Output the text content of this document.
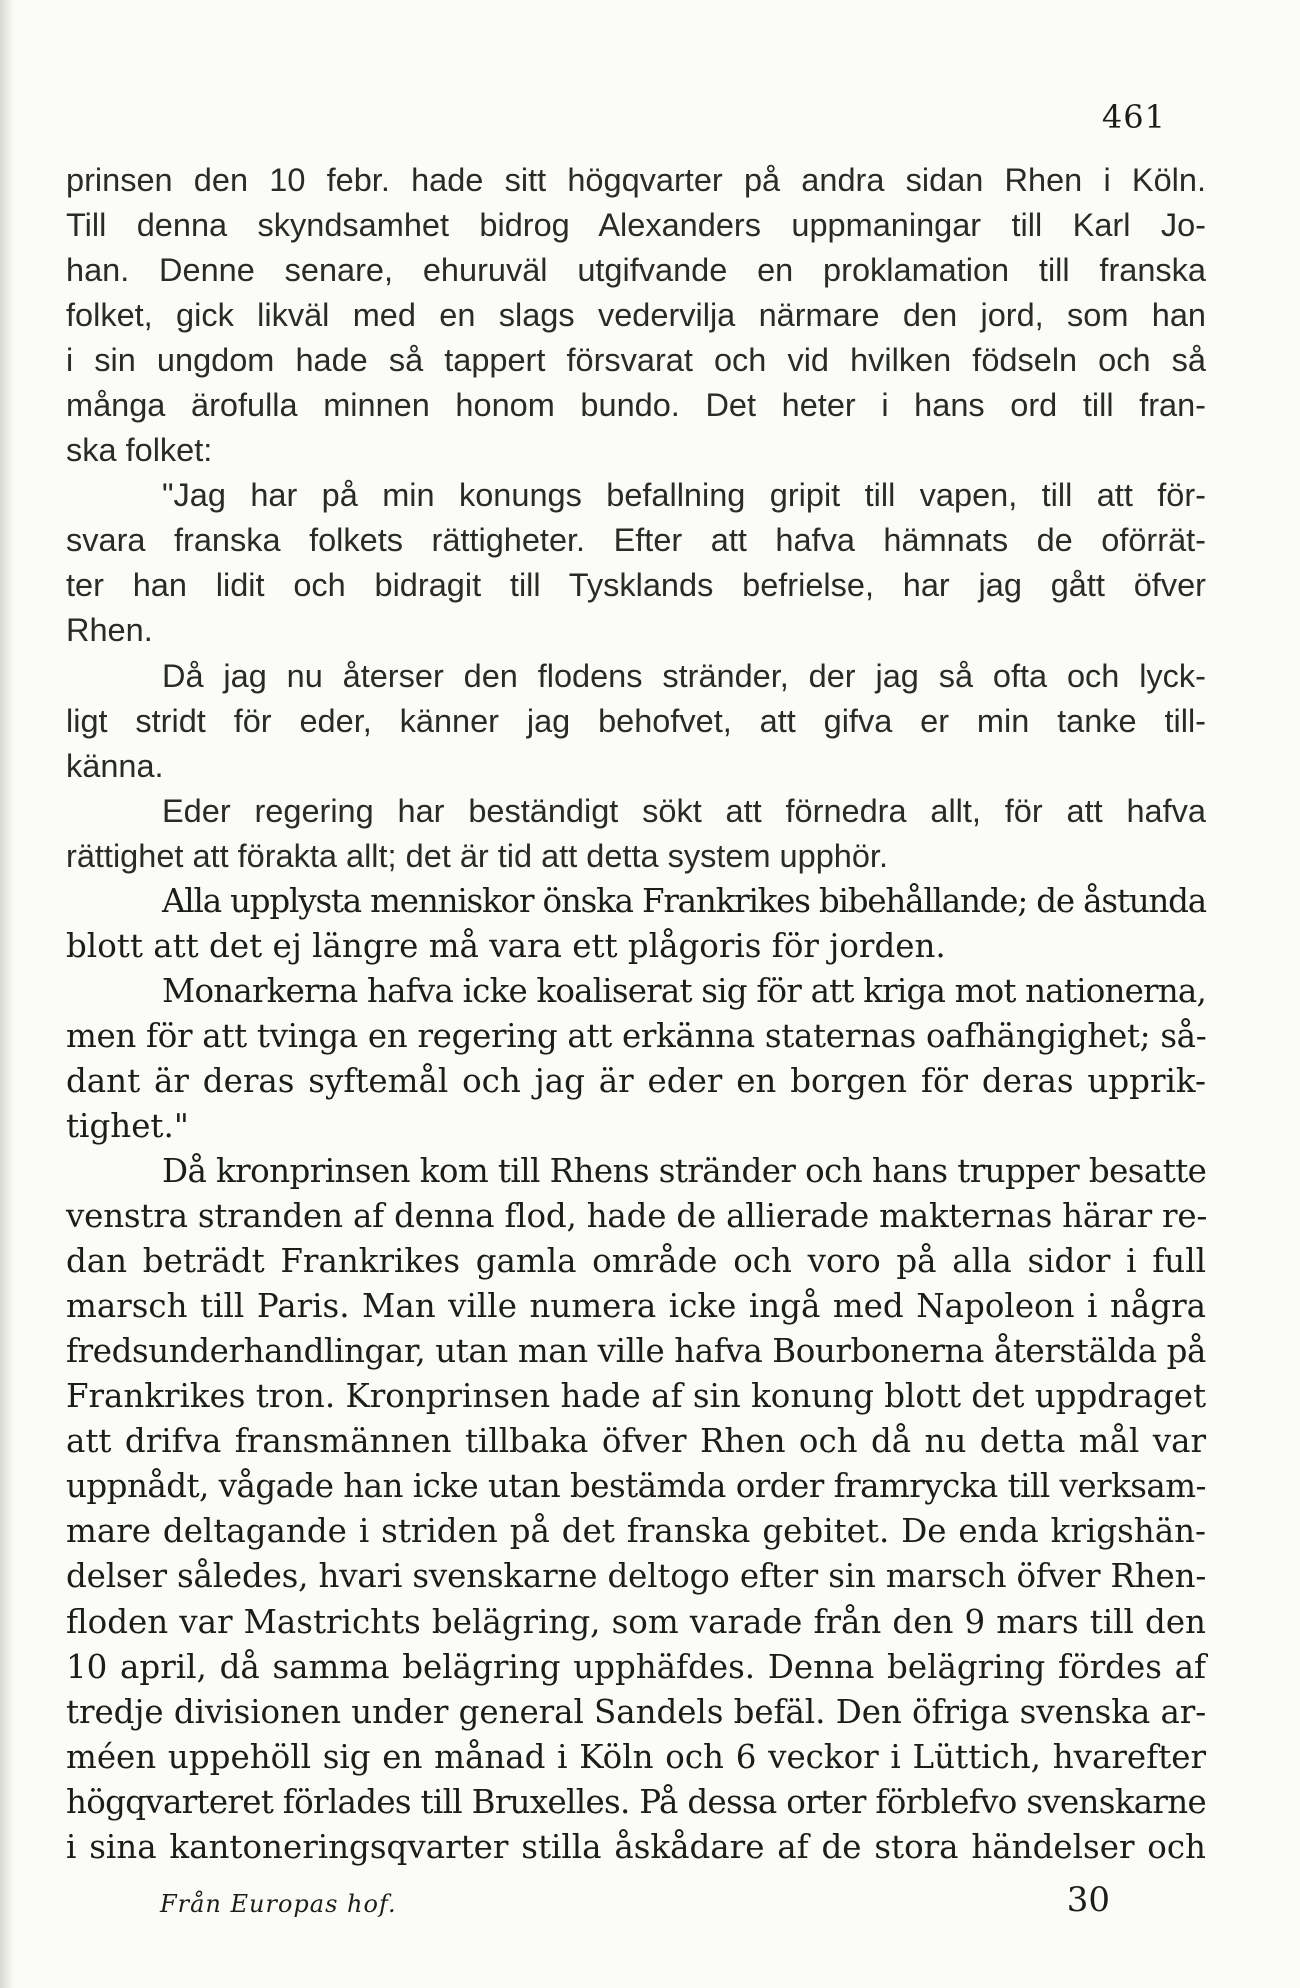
461
prinsen den 10 febr. hade sitt högqvarter på andra sidan Rhen i Köln.
Till denna skyndsamhet bidrog Alexanders uppmaningar till Karl Jo-
han. Denne senare, ehuruväl utgifvande en proklamation till franska
folket, gick likväl med en slags vedervilja närmare den jord, som han
i sin ungdom hade så tappert försvarat och vid hvilken födseln och så
många ärofulla minnen honom bundo. Det heter i hans ord till fran-
ska folket:
"Jag har på min konungs befallning gripit till vapen, till att för-
svara franska folkets rättigheter. Efter att hafva hämnats de oförrät-
ter han lidit och bidragit till Tysklands befrielse, har jag gått öfver
Rhen.
Då jag nu återser den flodens stränder, der jag så ofta och lyck-
ligt stridt för eder, känner jag behofvet, att gifva er min tanke till-
känna.
Eder regering har beständigt sökt att förnedra allt, för att hafva
rättighet att förakta allt; det är tid att detta system upphör.
Alla upplysta menniskor önska Frankrikes bibehållande; de åstunda
blott att det ej längre må vara ett plågoris för jorden.
Monarkerna hafva icke koaliserat sig för att kriga mot nationerna,
men för att tvinga en regering att erkänna staternas oafhängighet; så-
dant är deras syftemål och jag är eder en borgen för deras upprik-
tighet."
Då kronprinsen kom till Rhens stränder och hans trupper besatte
venstra stranden af denna flod, hade de allierade makternas härar re-
dan beträdt Frankrikes gamla område och voro på alla sidor i full
marsch till Paris. Man ville numera icke ingå med Napoleon i några
fredsunderhandlingar, utan man ville hafva Bourbonerna återstälda på
Frankrikes tron. Kronprinsen hade af sin konung blott det uppdraget
att drifva fransmännen tillbaka öfver Rhen och då nu detta mål var
uppnådt, vågade han icke utan bestämda order framrycka till verksam-
mare deltagande i striden på det franska gebitet. De enda krigshän-
delser således, hvari svenskarne deltogo efter sin marsch öfver Rhen-
floden var Mastrichts belägring, som varade från den 9 mars till den
10 april, då samma belägring upphäfdes. Denna belägring fördes af
tredje divisionen under general Sandels befäl. Den öfriga svenska ar-
méen uppehöll sig en månad i Köln och 6 veckor i Lüttich, hvarefter
högqvarteret förlades till Bruxelles. På dessa orter förblefvo svenskarne
i sina kantoneringsqvarter stilla åskådare af de stora händelser och
Från Europas hof.	30
